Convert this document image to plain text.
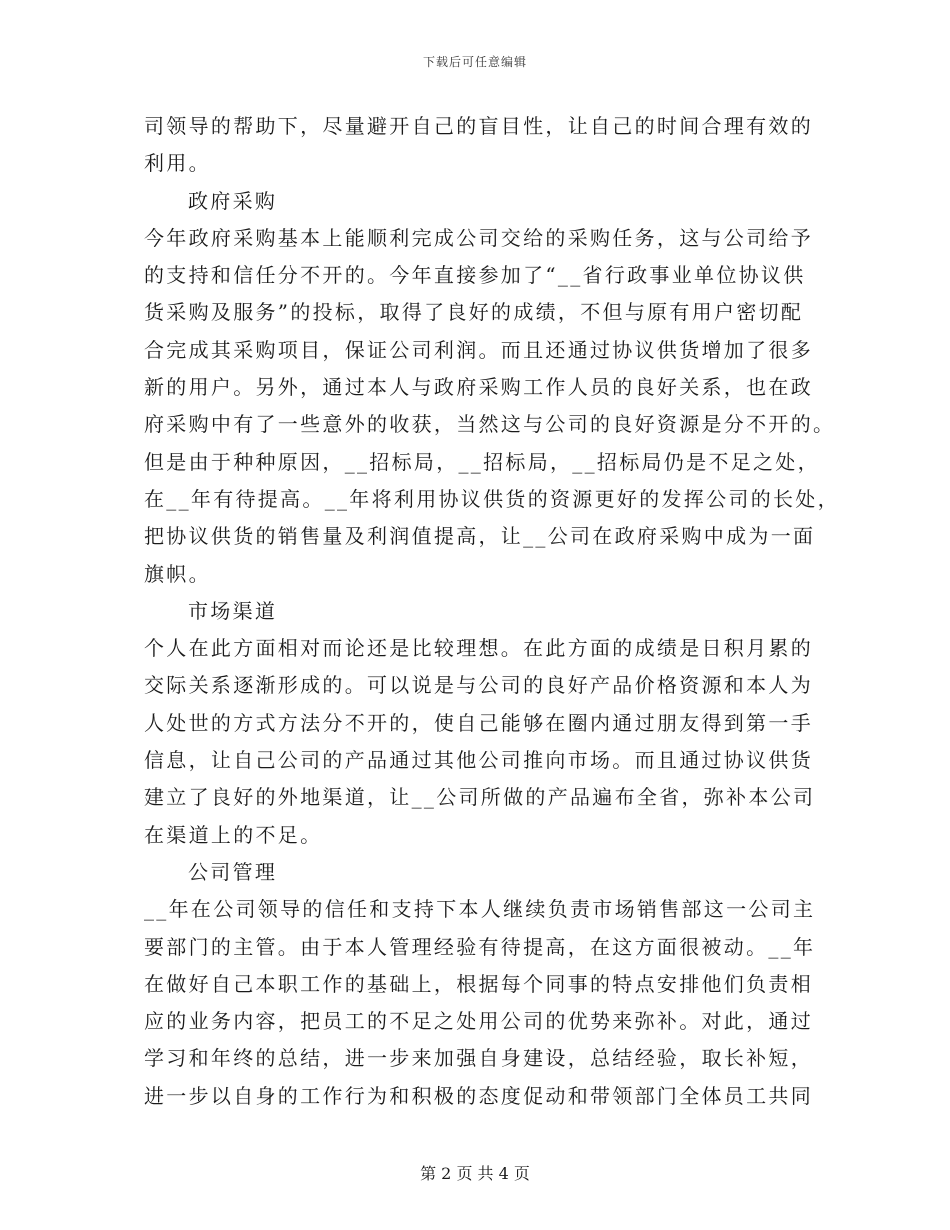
下载后可任意编辑
司领导的帮助下，尽量避开自己的盲目性，让自己的时间合理有效的
利用。
政府采购
今年政府采购基本上能顺利完成公司交给的采购任务，这与公司给予
的支持和信任分不开的。今年直接参加了“__省行政事业单位协议供
货采购及服务”的投标，取得了良好的成绩，不但与原有用户密切配
合完成其采购项目，保证公司利润。而且还通过协议供货增加了很多
新的用户。另外，通过本人与政府采购工作人员的良好关系，也在政
府采购中有了一些意外的收获，当然这与公司的良好资源是分不开的。
但是由于种种原因，__招标局，__招标局，__招标局仍是不足之处，
在__年有待提高。__年将利用协议供货的资源更好的发挥公司的长处，
把协议供货的销售量及利润值提高，让__公司在政府采购中成为一面
旗帜。
市场渠道
个人在此方面相对而论还是比较理想。在此方面的成绩是日积月累的
交际关系逐渐形成的。可以说是与公司的良好产品价格资源和本人为
人处世的方式方法分不开的，使自己能够在圈内通过朋友得到第一手
信息，让自己公司的产品通过其他公司推向市场。而且通过协议供货
建立了良好的外地渠道，让__公司所做的产品遍布全省，弥补本公司
在渠道上的不足。
公司管理
__年在公司领导的信任和支持下本人继续负责市场销售部这一公司主
要部门的主管。由于本人管理经验有待提高，在这方面很被动。__年
在做好自己本职工作的基础上，根据每个同事的特点安排他们负责相
应的业务内容，把员工的不足之处用公司的优势来弥补。对此，通过
学习和年终的总结，进一步来加强自身建设，总结经验，取长补短，
进一步以自身的工作行为和积极的态度促动和带领部门全体员工共同
第 2 页 共 4 页
